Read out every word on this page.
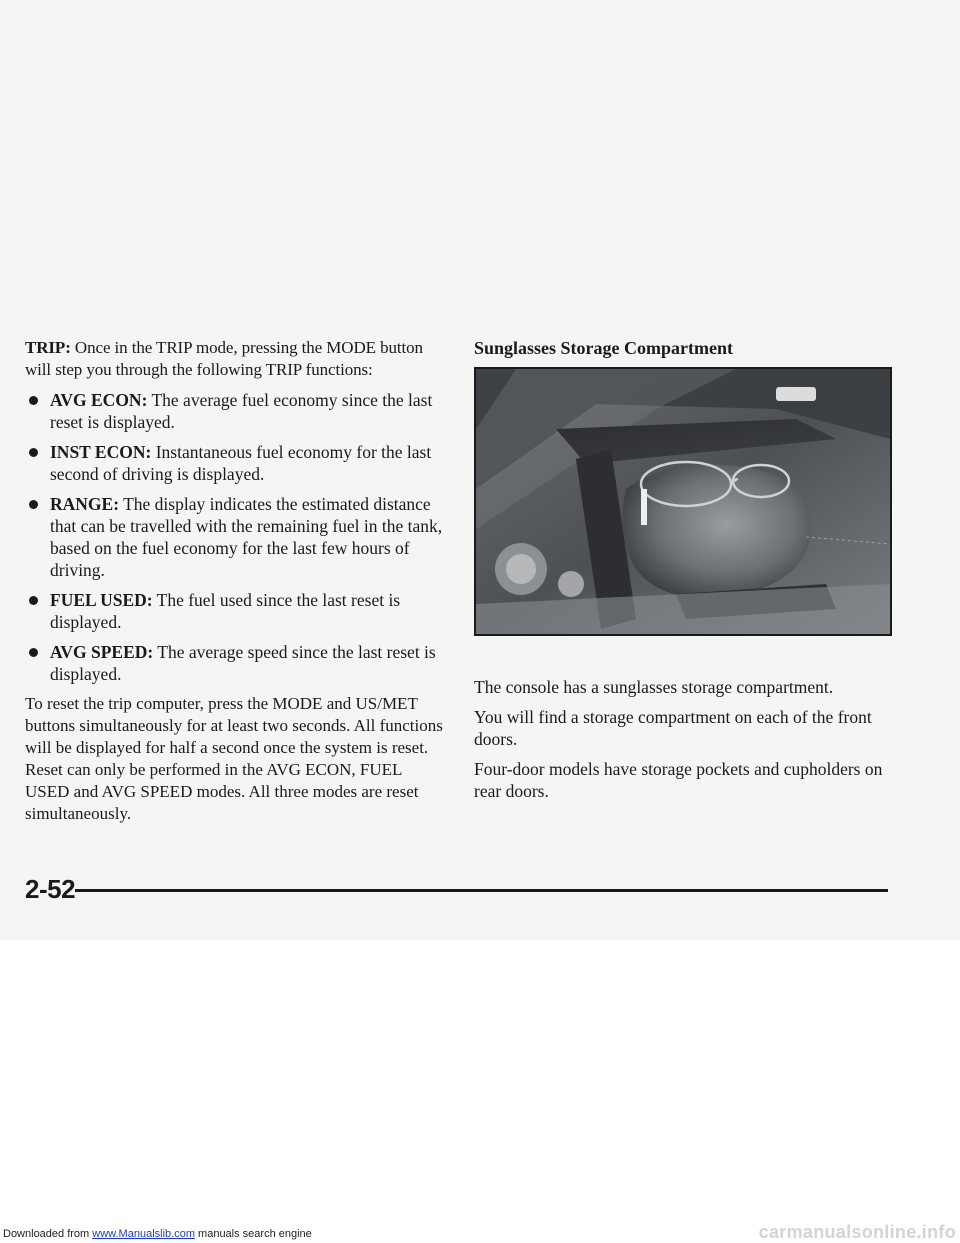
TRIP: Once in the TRIP mode, pressing the MODE button will step you through the following TRIP functions:

AVG ECON: The average fuel economy since the last reset is displayed.
INST ECON: Instantaneous fuel economy for the last second of driving is displayed.
RANGE: The display indicates the estimated distance that can be travelled with the remaining fuel in the tank, based on the fuel economy for the last few hours of driving.
FUEL USED: The fuel used since the last reset is displayed.
AVG SPEED: The average speed since the last reset is displayed.

To reset the trip computer, press the MODE and US/MET buttons simultaneously for at least two seconds. All functions will be displayed for half a second once the system is reset. Reset can only be performed in the AVG ECON, FUEL USED and AVG SPEED modes. All three modes are reset simultaneously.

Sunglasses Storage Compartment

The console has a sunglasses storage compartment.

You will find a storage compartment on each of the front doors.

Four-door models have storage pockets and cupholders on rear doors.

2-52
Downloaded from www.Manualslib.com manuals search engine	carmanualsonline.info
